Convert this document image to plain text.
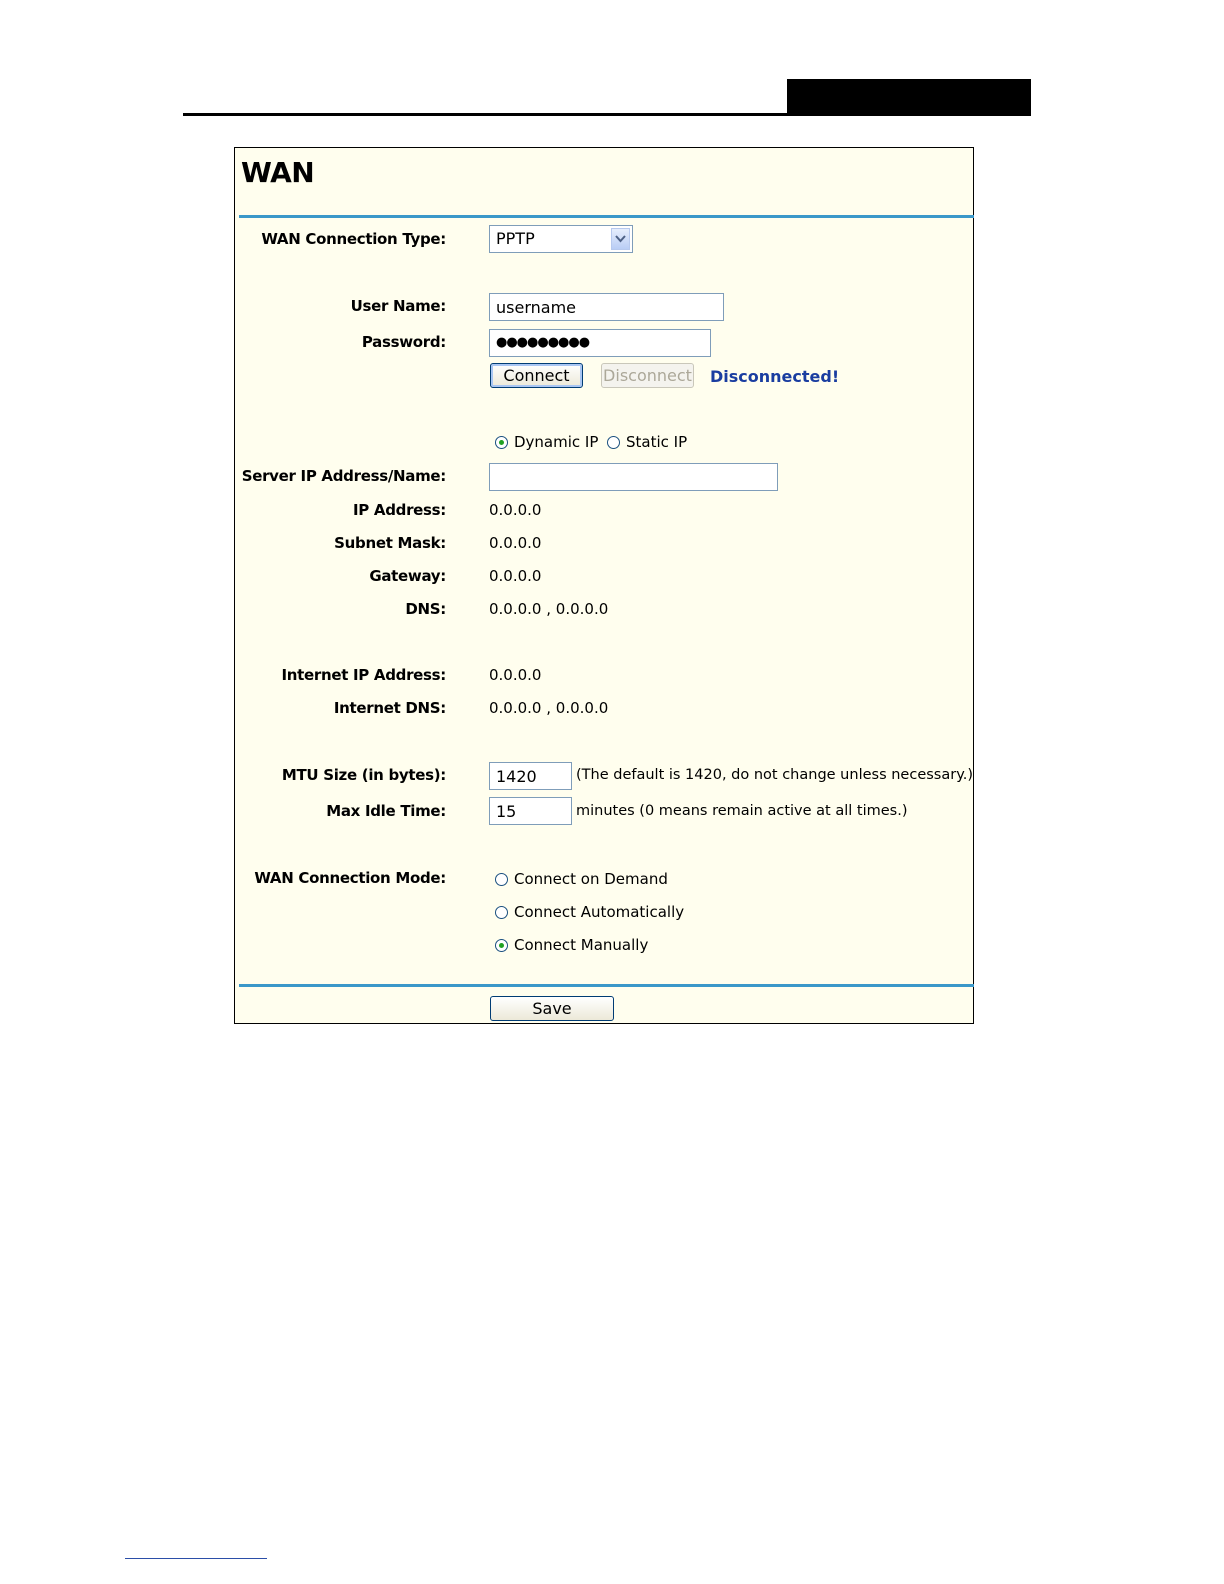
WAN
WAN Connection Type:	PPTP
User Name:	username
Password:	●●●●●●●●●
Connect	Disconnect Disconnected!
Dynamic IP Static IP
Server IP Address/Name:
IP Address:	0.0.0.0
Subnet Mask:	0.0.0.0
Gateway:	0.0.0.0
DNS:	0.0.0.0 , 0.0.0.0
Internet IP Address:	0.0.0.0
Internet DNS:	0.0.0.0 , 0.0.0.0
MTU Size (in bytes):	1420	(The default is 1420, do not change unless necessary.)
Max Idle Time:	15	minutes (0 means remain active at all times.)
WAN Connection Mode:	Connect on Demand
Connect Automatically
Connect Manually
Save
